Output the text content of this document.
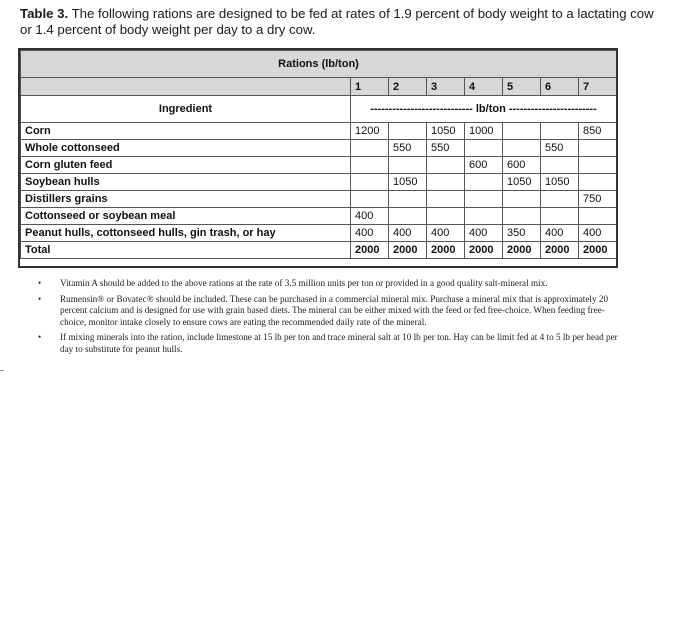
Table 3. The following rations are designed to be fed at rates of 1.9 percent of body weight to a lactating cow or 1.4 percent of body weight per day to a dry cow.
Rations (lb/ton)							
	1	2	3	4	5	6	7
Ingredient	---------------------------- lb/ton ------------------------						
Corn	1200		1050	1000			850
Whole cottonseed		550	550			550	
Corn gluten feed				600	600		
Soybean hulls		1050			1050	1050	
Distillers grains							750
Cottonseed or soybean meal	400						
Peanut hulls, cottonseed hulls, gin trash, or hay	400	400	400	400	350	400	400
Total	2000	2000	2000	2000	2000	2000	2000
• Vitamin A should be added to the above rations at the rate of 3.5 million units per ton or provided in a good quality salt-mineral mix.
• Rumensin® or Bovatec® should be included. These can be purchased in a commercial mineral mix. Purchase a mineral mix that is approximately 20 percent calcium and is designed for use with grain based diets. The mineral can be either mixed with the feed or fed free-choice. When feeding free-choice, monitor intake closely to ensure cows are eating the recommended daily rate of the mineral.
• If mixing minerals into the ration, include limestone at 15 lb per ton and trace mineral salt at 10 lb per ton. Hay can be limit fed at 4 to 5 lb per head per day to substitute for peanut hulls.
